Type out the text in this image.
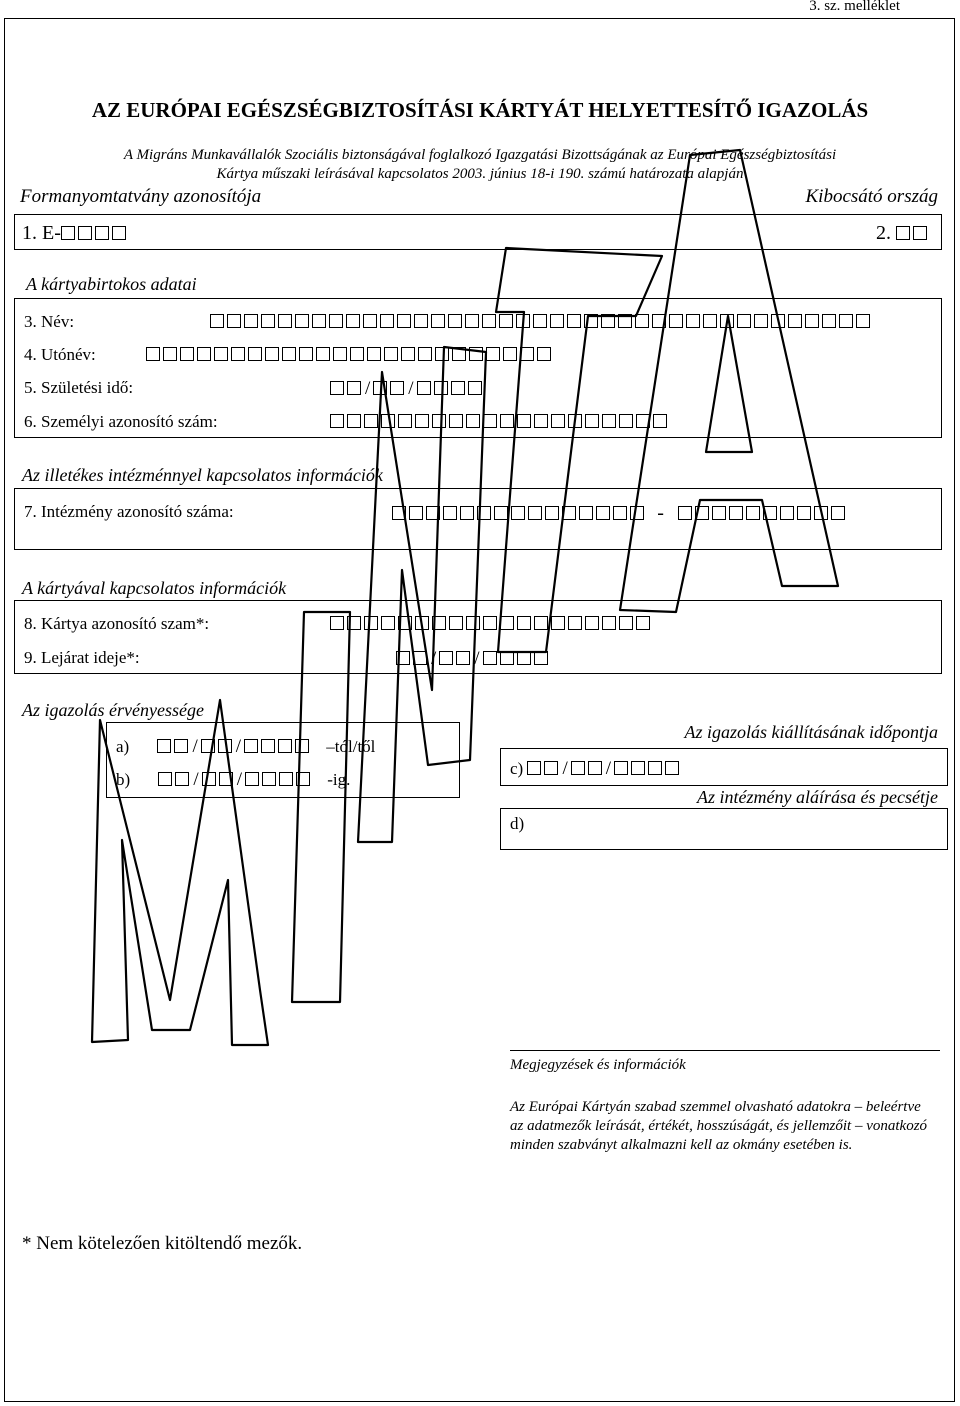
3. sz. melléklet
AZ EURÓPAI EGÉSZSÉGBIZTOSÍTÁSI KÁRTYÁT HELYETTESÍTŐ IGAZOLÁS
A Migráns Munkavállalók Szociális biztonságával foglalkozó Igazgatási Bizottságának az Európai Egészségbiztosítási
Kártya műszaki leírásával kapcsolatos 2003. június 18-i 190. számú határozata alapján
Formanyomtatvány azonosítója	Kibocsátó ország
1. E-	2.
A kártyabirtokos adatai
3. Név:
4. Utónév:
5. Születési idő:	/ /
6. Személyi azonosító szám:
Az illetékes intézménnyel kapcsolatos információk
7. Intézmény azonosító száma:	-
A kártyával kapcsolatos információk
8. Kártya azonosító szam*:
9. Lejárat ideje*:	/ /
Az igazolás érvényessége
a)	/ /	–tól/től
b)	/ /	-ig.
Az igazolás kiállításának időpontja
c) / /
Az intézmény aláírása és pecsétje
d)
Megjegyzések és információk
Az Európai Kártyán szabad szemmel olvasható adatokra – beleértve az adatmezők leírását, értékét, hosszúságát, és jellemzőit – vonatkozó minden szabványt alkalmazni kell az okmány esetében is.
* Nem kötelezően kitöltendő mezők.
